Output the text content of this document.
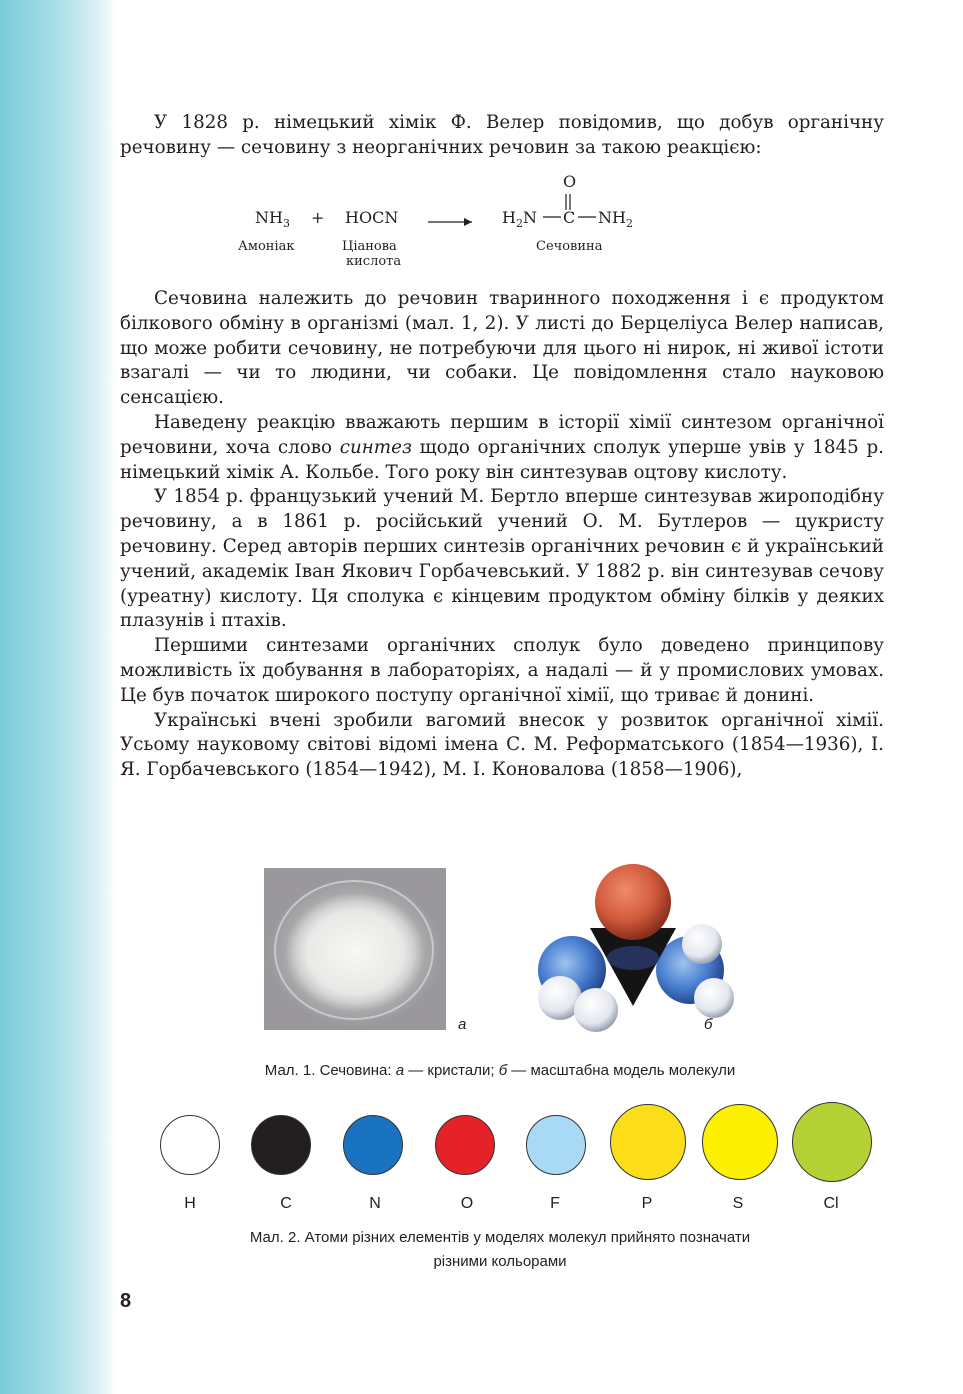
У 1828 р. німецький хімік Ф. Велер повідомив, що добув органічну речовину — сечовину з неорганічних речовин за такою реакцією:

$NH_3$ + HOCN	$H_2N$ C $NH_2$
O
Амоніак	Ціанова
кислота
Сечовина

Сечовина належить до речовин тваринного походження і є продуктом білкового обміну в організмі (мал. 1, 2). У листі до Берцеліуса Велер написав, що може робити сечовину, не потребуючи для цього ні нирок, ні живої істоти взагалі — чи то людини, чи собаки. Це повідомлення стало науковою сенсацією.

Наведену реакцію вважають першим в історії хімії синтезом органічної речовини, хоча слово синтез щодо органічних сполук уперше увів у 1845 р. німецький хімік А. Кольбе. Того року він синтезував оцтову кислоту.

У 1854 р. французький учений М. Бертло вперше синтезував жироподібну речовину, а в 1861 р. російський учений О. М. Бутлеров — цукристу речовину. Серед авторів перших синтезів органічних речовин є й український учений, академік Іван Якович Горбачевський. У 1882 р. він синтезував сечову (уреатну) кислоту. Ця сполука є кінцевим продуктом обміну білків у деяких плазунів і птахів.

Першими синтезами органічних сполук було доведено принципову можливість їх добування в лабораторіях, а надалі — й у промислових умовах. Це був початок широкого поступу органічної хімії, що триває й донині.

Українські вчені зробили вагомий внесок у розвиток органічної хімії. Усьому науковому світові відомі імена С. М. Реформатського (1854—1936), І. Я. Горбачевського (1854—1942), М. І. Коновалова (1858—1906),

а	б
Мал. 1. Сечовина: а — кристали; б — масштабна модель молекули
H	C	N	O	F	P	S	Cl
Мал. 2. Атоми різних елементів у моделях молекул прийнято позначати
різними кольорами
8
